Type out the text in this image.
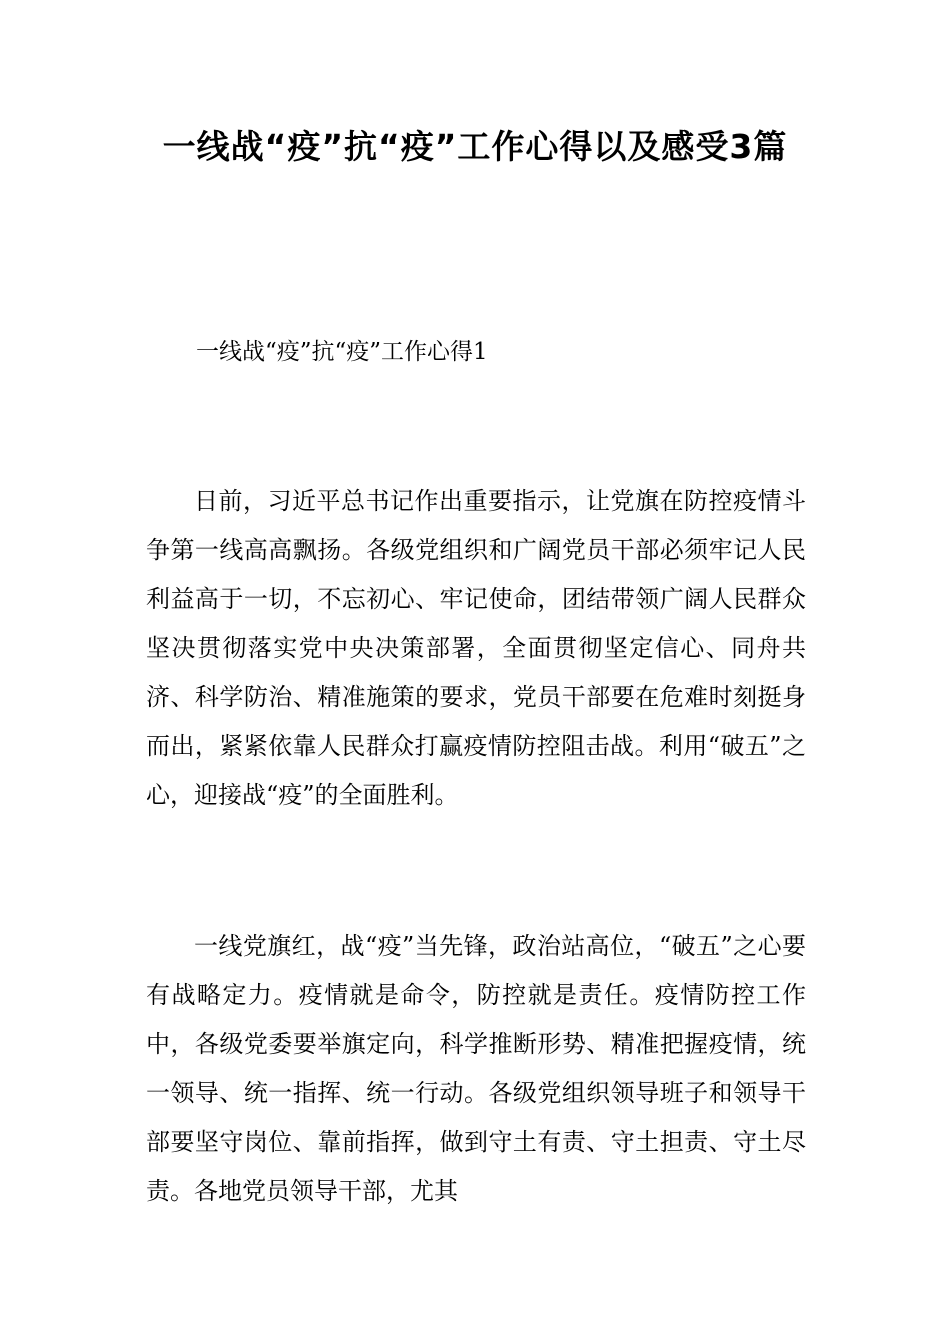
一线战“疫”抗“疫”工作心得以及感受3篇

一线战“疫”抗“疫”工作心得1

日前，习近平总书记作出重要指示，让党旗在防控疫情斗争第一线高高飘扬。各级党组织和广阔党员干部必须牢记人民利益高于一切，不忘初心、牢记使命，团结带领广阔人民群众坚决贯彻落实党中央决策部署，全面贯彻坚定信心、同舟共济、科学防治、精准施策的要求，党员干部要在危难时刻挺身而出，紧紧依靠人民群众打赢疫情防控阻击战。利用“破五”之心，迎接战“疫”的全面胜利。

一线党旗红，战“疫”当先锋，政治站高位，“破五”之心要有战略定力。疫情就是命令，防控就是责任。疫情防控工作中，各级党委要举旗定向，科学推断形势、精准把握疫情，统一领导、统一指挥、统一行动。各级党组织领导班子和领导干部要坚守岗位、靠前指挥，做到守土有责、守土担责、守土尽责。各地党员领导干部，尤其
